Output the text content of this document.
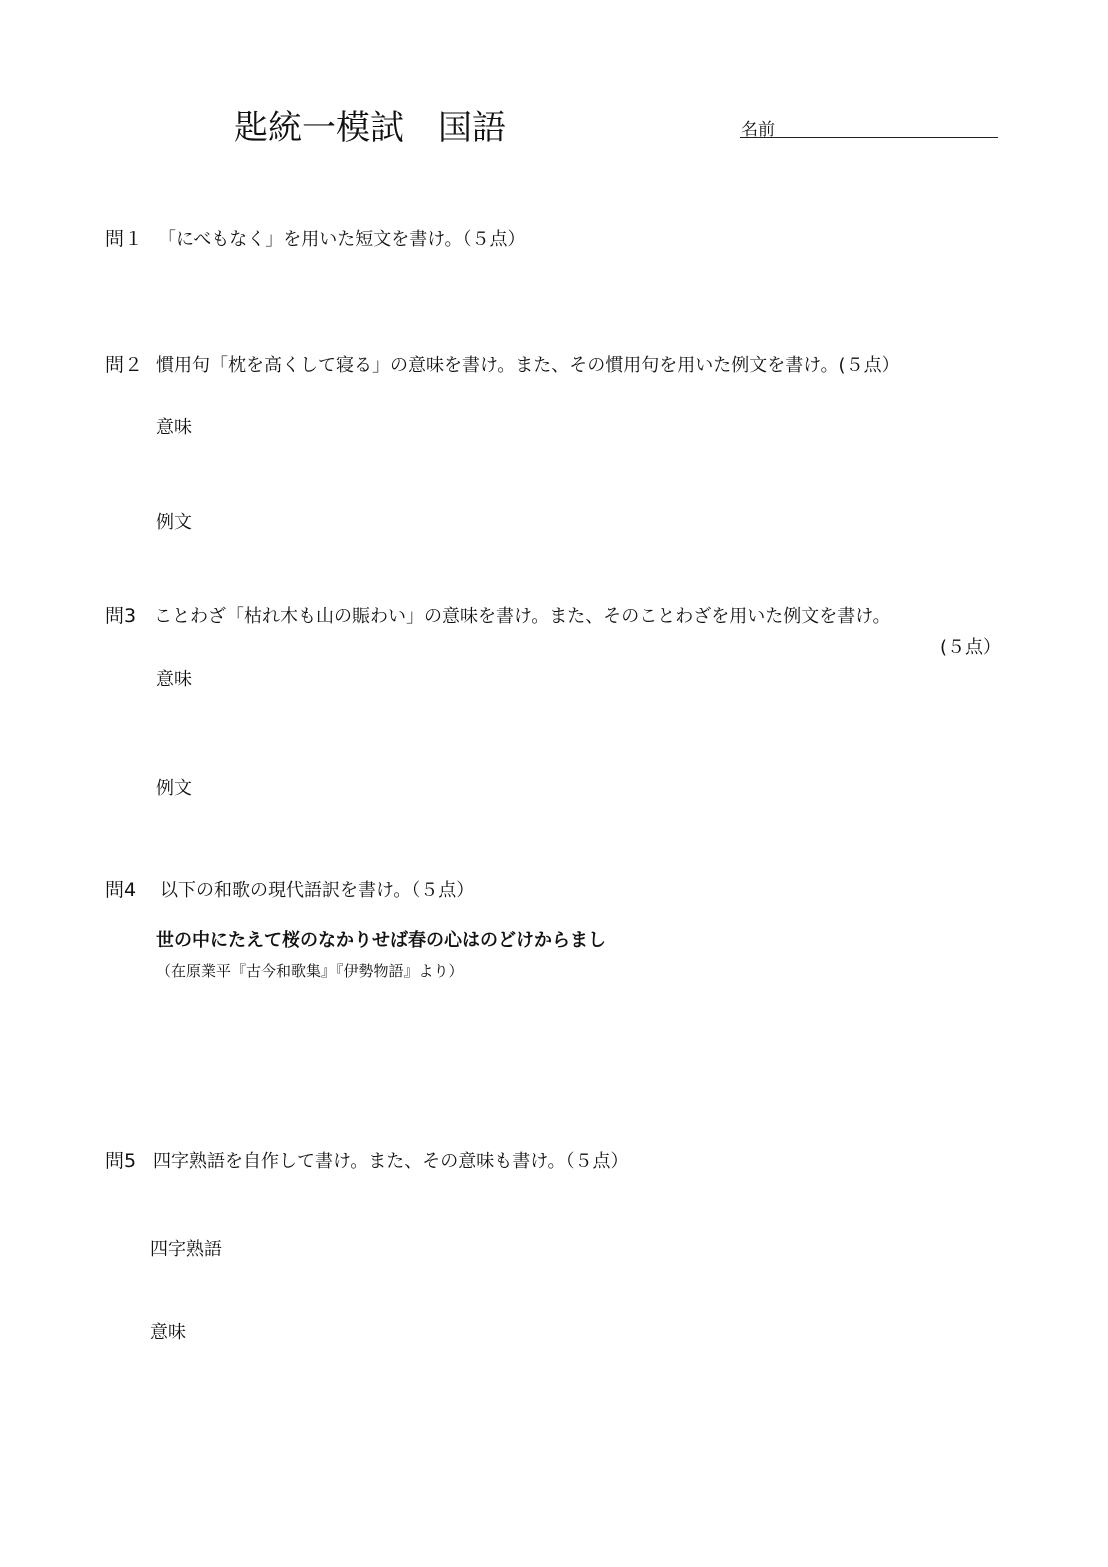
匙統一模試　国語	名前
問１ 「にべもなく」を用いた短文を書け。（５点）
問２ 慣用句「枕を高くして寝る」の意味を書け。また、その慣用句を用いた例文を書け。(５点）
意味
例文
問3 ことわざ「枯れ木も山の賑わい」の意味を書け。また、そのことわざを用いた例文を書け。
(５点）
意味
例文
問4 以下の和歌の現代語訳を書け。（５点）
世の中にたえて桜のなかりせば春の心はのどけからまし
（在原業平『古今和歌集』『伊勢物語』より）
問5 四字熟語を自作して書け。また、その意味も書け。（５点）
四字熟語
意味
